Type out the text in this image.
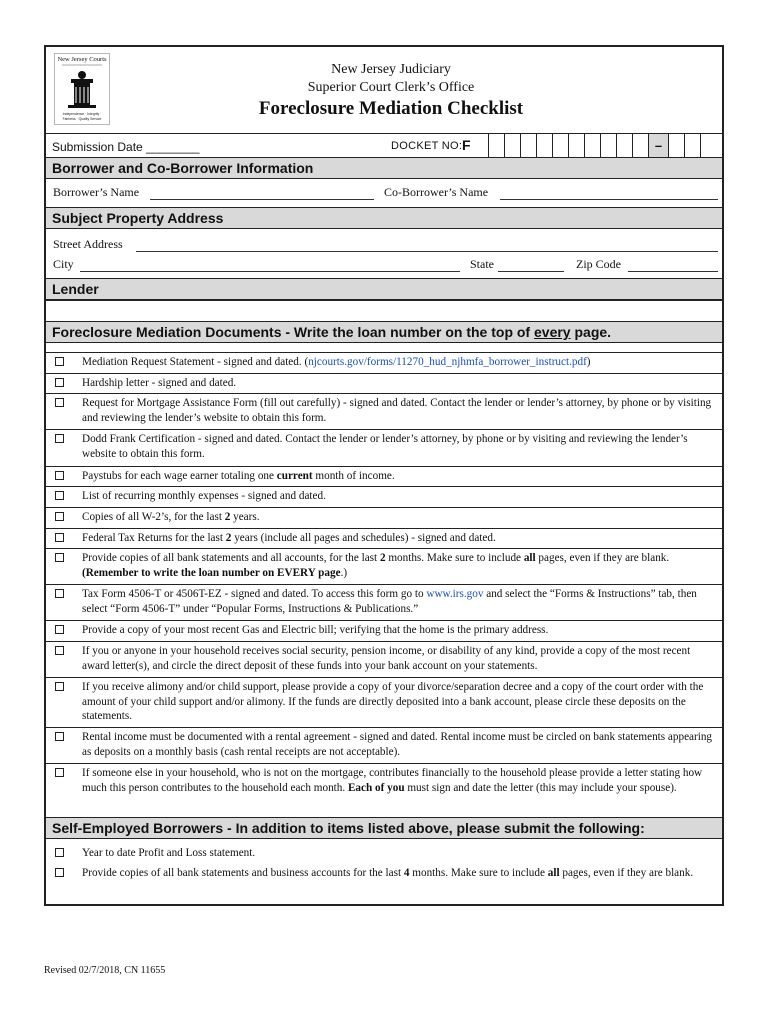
New Jersey Courts
Independence · Integrity ·
Fairness · Quality Service
New Jersey Judiciary
Superior Court Clerk’s Office
Foreclosure Mediation Checklist
Submission Date ________	DOCKET NO: F	–
Borrower and Co-Borrower Information
Borrower’s Name	Co-Borrower’s Name
Subject Property Address
Street Address
City	State	Zip Code
Lender
Foreclosure Mediation Documents - Write the loan number on the top of every page.
Mediation Request Statement - signed and dated. (njcourts.gov/forms/11270_hud_njhmfa_borrower_instruct.pdf)
Hardship letter - signed and dated.
Request for Mortgage Assistance Form (fill out carefully) - signed and dated. Contact the lender or lender’s attorney, by phone or by visiting and reviewing the lender’s website to obtain this form.
Dodd Frank Certification - signed and dated. Contact the lender or lender’s attorney, by phone or by visiting and reviewing the lender’s website to obtain this form.
Paystubs for each wage earner totaling one current month of income.
List of recurring monthly expenses - signed and dated.
Copies of all W-2’s, for the last 2 years.
Federal Tax Returns for the last 2 years (include all pages and schedules) - signed and dated.
Provide copies of all bank statements and all accounts, for the last 2 months. Make sure to include all pages, even if they are blank. (Remember to write the loan number on EVERY page.)
Tax Form 4506-T or 4506T-EZ - signed and dated. To access this form go to www.irs.gov and select the “Forms & Instructions” tab, then select “Form 4506-T” under “Popular Forms, Instructions & Publications.”
Provide a copy of your most recent Gas and Electric bill; verifying that the home is the primary address.
If you or anyone in your household receives social security, pension income, or disability of any kind, provide a copy of the most recent award letter(s), and circle the direct deposit of these funds into your bank account on your statements.
If you receive alimony and/or child support, please provide a copy of your divorce/separation decree and a copy of the court order with the amount of your child support and/or alimony. If the funds are directly deposited into a bank account, please circle these deposits on the statements.
Rental income must be documented with a rental agreement - signed and dated. Rental income must be circled on bank statements appearing as deposits on a monthly basis (cash rental receipts are not acceptable).
If someone else in your household, who is not on the mortgage, contributes financially to the household please provide a letter stating how much this person contributes to the household each month. Each of you must sign and date the letter (this may include your spouse).
Self-Employed Borrowers - In addition to items listed above, please submit the following:
Year to date Profit and Loss statement.
Provide copies of all bank statements and business accounts for the last 4 months. Make sure to include all pages, even if they are blank.
Revised 02/7/2018, CN 11655
